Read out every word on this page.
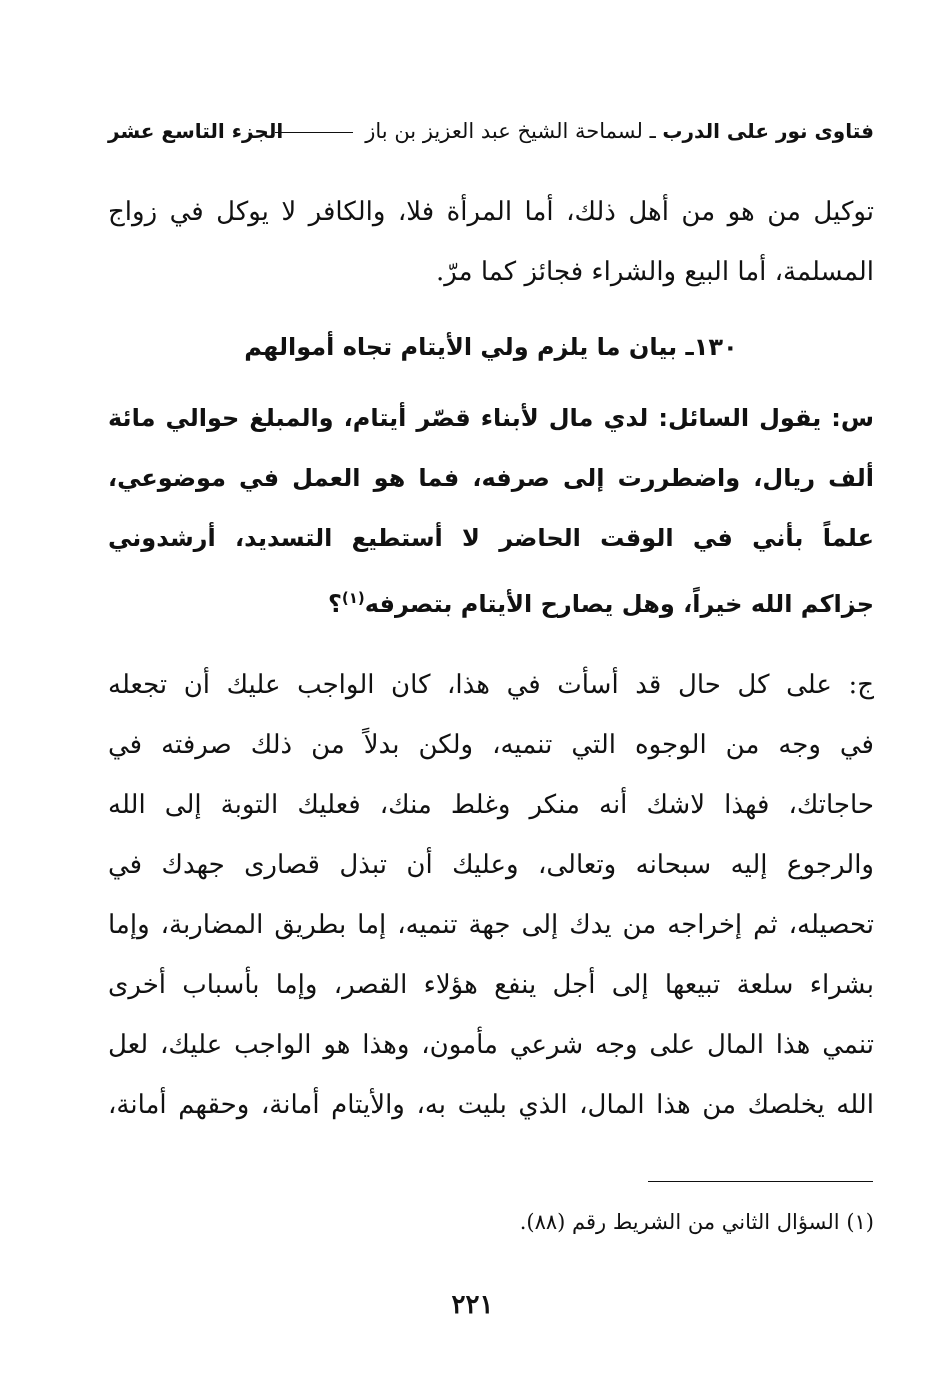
فتاوى نور على الدرب ـ لسماحة الشيخ عبد العزيز بن باز
الجزء التاسع عشر
توكيل من هو من أهل ذلك، أما المرأة فلا، والكافر لا يوكل في زواج
المسلمة، أما البيع والشراء فجائز كما مرّ.
١٣٠ـ بيان ما يلزم ولي الأيتام تجاه أموالهم
س: يقول السائل: لدي مال لأبناء قصّر أيتام، والمبلغ حوالي مائة
ألف ريال، واضطررت إلى صرفه، فما هو العمل في موضوعي،
علماً بأني في الوقت الحاضر لا أستطيع التسديد، أرشدوني
جزاكم الله خيراً، وهل يصارح الأيتام بتصرفه$^{(١)}$؟
ج: على كل حال قد أسأت في هذا، كان الواجب عليك أن تجعله
في وجه من الوجوه التي تنميه، ولكن بدلاً من ذلك صرفته في
حاجاتك، فهذا لاشك أنه منكر وغلط منك، فعليك التوبة إلى الله
والرجوع إليه سبحانه وتعالى، وعليك أن تبذل قصارى جهدك في
تحصيله، ثم إخراجه من يدك إلى جهة تنميه، إما بطريق المضاربة، وإما
بشراء سلعة تبيعها إلى أجل ينفع هؤلاء القصر، وإما بأسباب أخرى
تنمي هذا المال على وجه شرعي مأمون، وهذا هو الواجب عليك، لعل
الله يخلصك من هذا المال، الذي بليت به، والأيتام أمانة، وحقهم أمانة،
(١) السؤال الثاني من الشريط رقم (٨٨).
٢٢١
